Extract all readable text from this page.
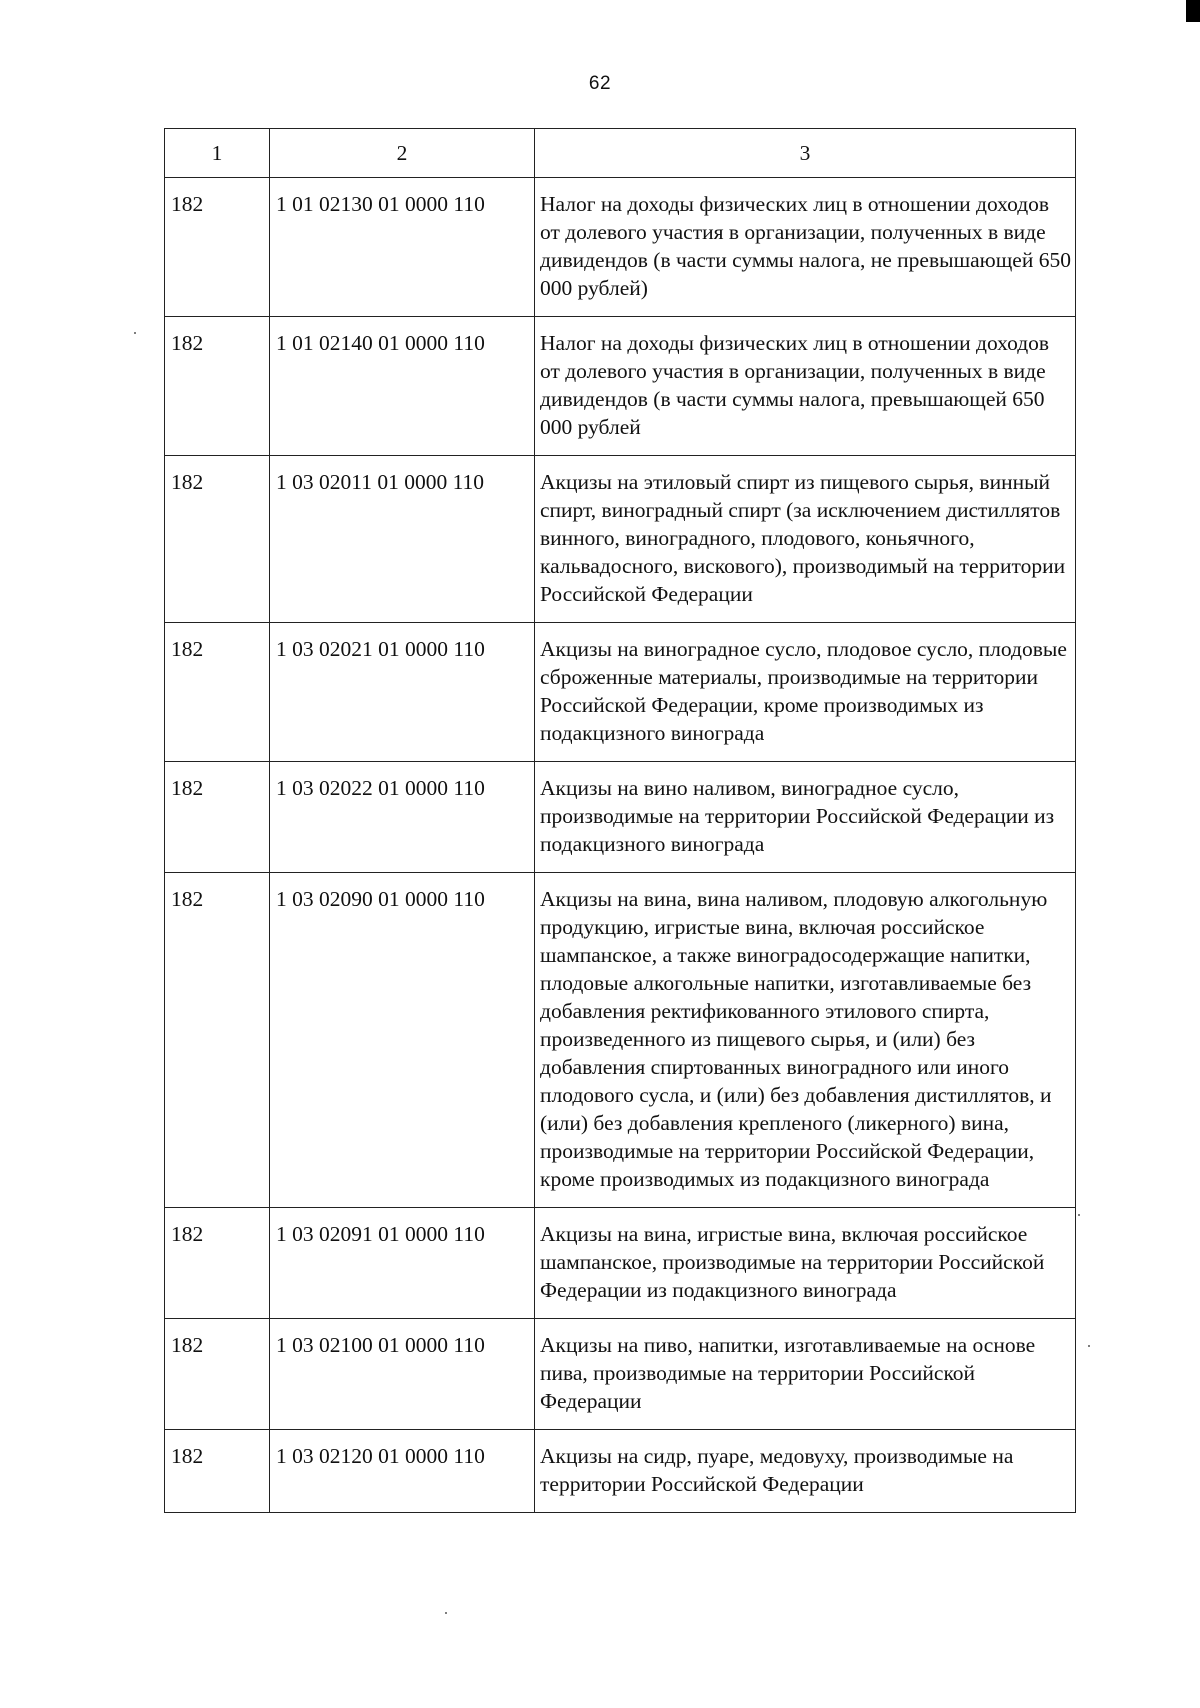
62
1	2	3
182	1 01 02130 01 0000 110	Налог на доходы физических лиц в отношении доходов от долевого участия в организации, полученных в виде дивидендов (в части суммы налога, не превышающей 650 000 рублей)
182	1 01 02140 01 0000 110	Налог на доходы физических лиц в отношении доходов от долевого участия в организации, полученных в виде дивидендов (в части суммы налога, превышающей 650 000 рублей
182	1 03 02011 01 0000 110	Акцизы на этиловый спирт из пищевого сырья, винный спирт, виноградный спирт (за исключением дистиллятов винного, виноградного, плодового, коньячного, кальвадосного, вискового), производимый на территории Российской Федерации
182	1 03 02021 01 0000 110	Акцизы на виноградное сусло, плодовое сусло, плодовые сброженные материалы, производимые на территории Российской Федерации, кроме производимых из подакцизного винограда
182	1 03 02022 01 0000 110	Акцизы на вино наливом, виноградное сусло, производимые на территории Российской Федерации из подакцизного винограда
182	1 03 02090 01 0000 110	Акцизы на вина, вина наливом, плодовую алкогольную продукцию, игристые вина, включая российское шампанское, а также виноградосодержащие напитки, плодовые алкогольные напитки, изготавливаемые без добавления ректификованного этилового спирта, произведенного из пищевого сырья, и (или) без добавления спиртованных виноградного или иного плодового сусла, и (или) без добавления дистиллятов, и (или) без добавления крепленого (ликерного) вина, производимые на территории Российской Федерации, кроме производимых из подакцизного винограда
182	1 03 02091 01 0000 110	Акцизы на вина, игристые вина, включая российское шампанское, производимые на территории Российской Федерации из подакцизного винограда
182	1 03 02100 01 0000 110	Акцизы на пиво, напитки, изготавливаемые на основе пива, производимые на территории Российской Федерации
182	1 03 02120 01 0000 110	Акцизы на сидр, пуаре, медовуху, производимые на территории Российской Федерации
